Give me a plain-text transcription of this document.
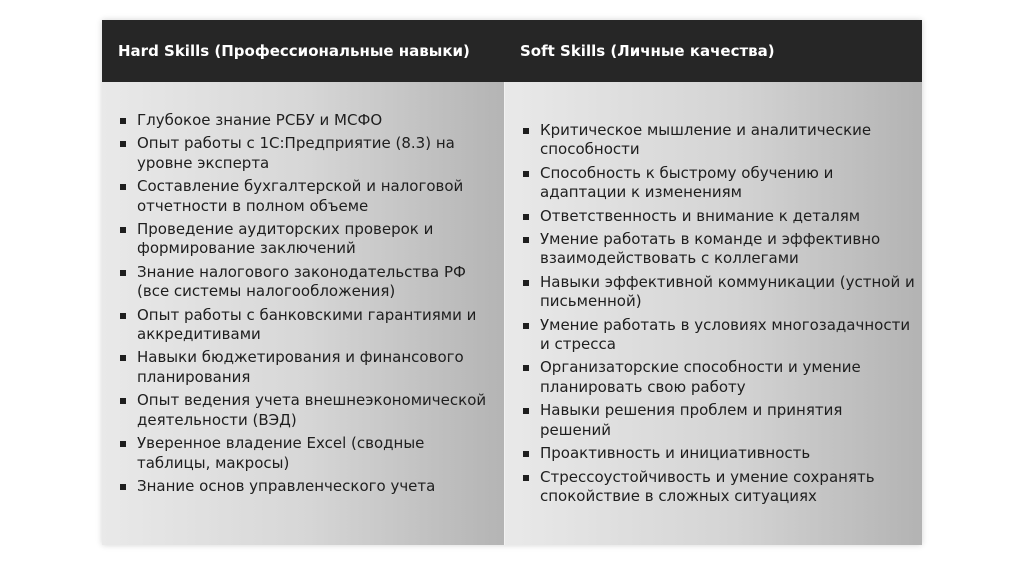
Hard Skills (Профессиональные навыки)	Soft Skills (Личные качества)
Глубокое знание РСБУ и МСФО
Опыт работы с 1С:Предприятие (8.3) на уровне эксперта
Составление бухгалтерской и налоговой отчетности в полном объеме
Проведение аудиторских проверок и формирование заключений
Знание налогового законодательства РФ (все системы налогообложения)
Опыт работы с банковскими гарантиями и аккредитивами
Навыки бюджетирования и финансового планирования
Опыт ведения учета внешнеэкономической деятельности (ВЭД)
Уверенное владение Excel (сводные таблицы, макросы)
Знание основ управленческого учета
Критическое мышление и аналитические способности
Способность к быстрому обучению и адаптации к изменениям
Ответственность и внимание к деталям
Умение работать в команде и эффективно взаимодействовать с коллегами
Навыки эффективной коммуникации (устной и письменной)
Умение работать в условиях многозадачности и стресса
Организаторские способности и умение планировать свою работу
Навыки решения проблем и принятия решений
Проактивность и инициативность
Стрессоустойчивость и умение сохранять спокойствие в сложных ситуациях
